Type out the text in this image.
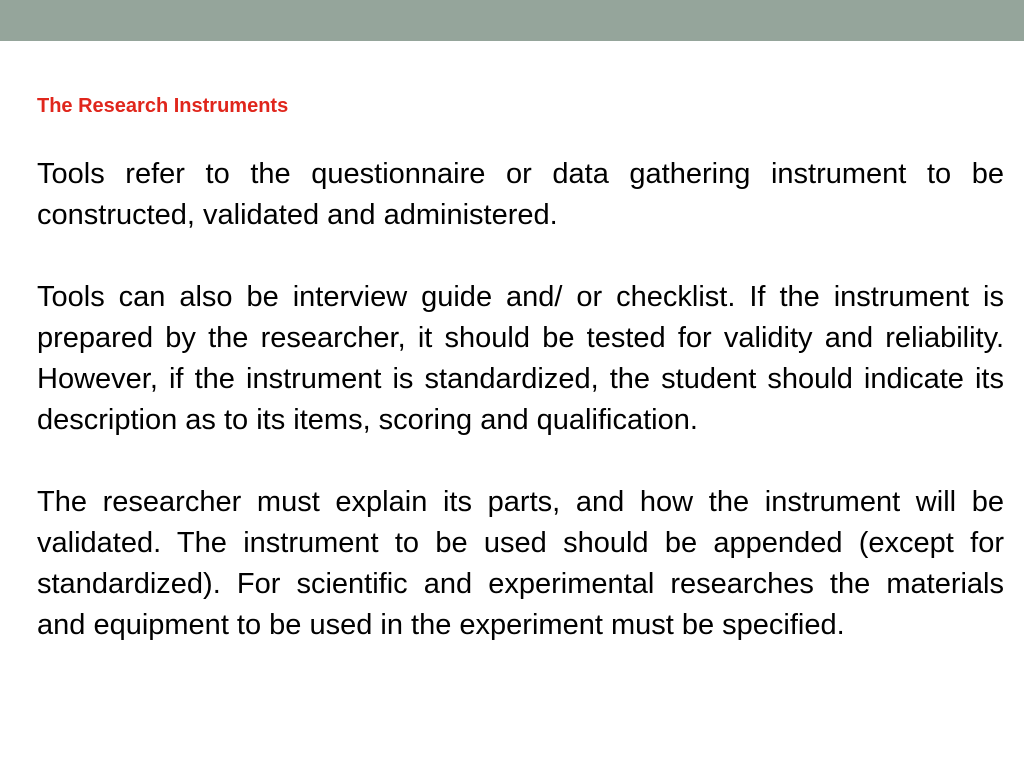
The Research Instruments

Tools refer to the questionnaire or data gathering instrument to be constructed, validated and administered.

Tools can also be interview guide and/ or checklist. If the instrument is prepared by the researcher, it should be tested for validity and reliability. However, if the instrument is standardized, the student should indicate its description as to its items, scoring and qualification.

The researcher must explain its parts, and how the instrument will be validated. The instrument to be used should be appended (except for standardized). For scientific and experimental researches the materials and equipment to be used in the experiment must be specified.
